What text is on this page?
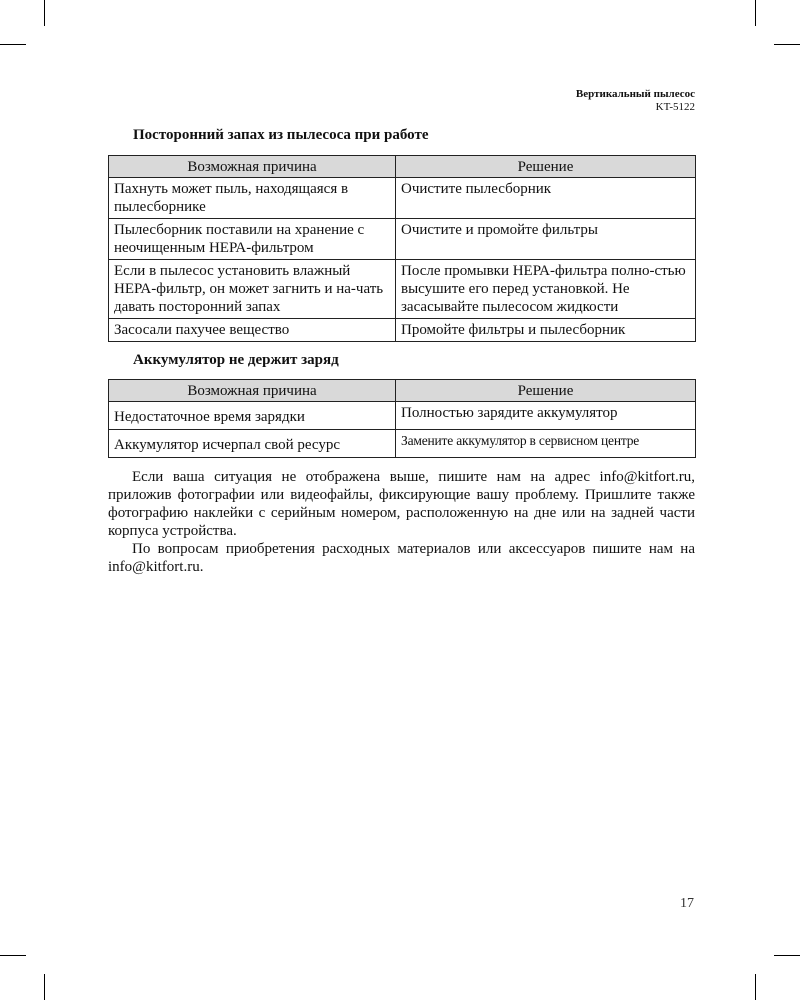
Вертикальный пылесос
KT-5122
Посторонний запах из пылесоса при работе
Возможная причина	Решение
Пахнуть может пыль, находящаяся в пылесборнике	Очистите пылесборник
Пылесборник поставили на хранение с неочищенным НЕРА-фильтром	Очистите и промойте фильтры
Если в пылесос установить влажный НЕРА-фильтр, он может загнить и на-чать давать посторонний запах	После промывки НЕРА-фильтра полно-стью высушите его перед установкой. Не засасывайте пылесосом жидкости
Засосали пахучее вещество	Промойте фильтры и пылесборник
Аккумулятор не держит заряд
Возможная причина	Решение
Недостаточное время зарядки	Полностью зарядите аккумулятор
Аккумулятор исчерпал свой ресурс	Замените аккумулятор в сервисном центре

Если ваша ситуация не отображена выше, пишите нам на адрес info@kitfort.ru, приложив фотографии или видеофайлы, фиксирующие вашу проблему. Пришлите также фотографию наклейки с серийным номером, расположенную на дне или на задней части корпуса устройства.

По вопросам приобретения расходных материалов или аксессуаров пишите нам на info@kitfort.ru.

17
